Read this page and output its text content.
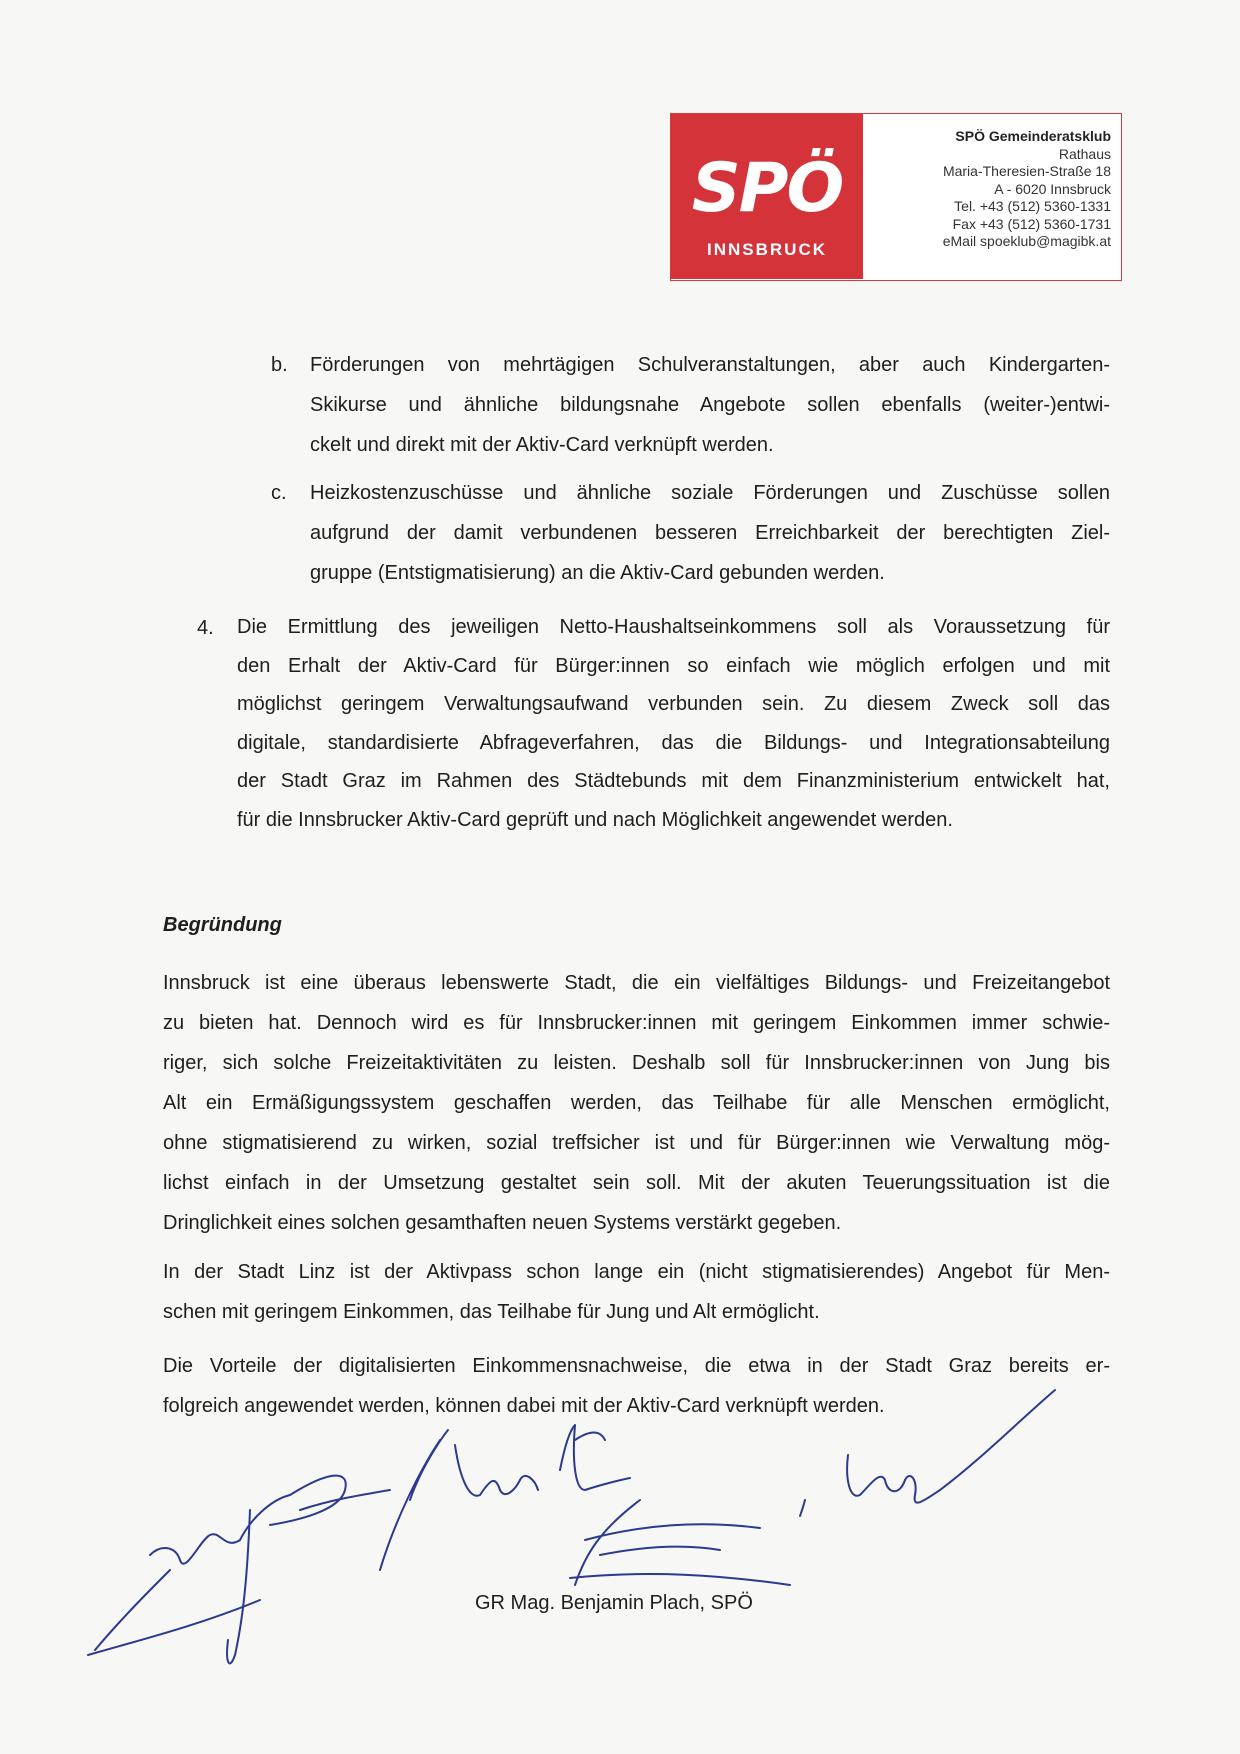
SPÖ
INNSBRUCK
SPÖ Gemeinderatsklub
Rathaus
Maria-Theresien-Straße 18
A - 6020 Innsbruck
Tel. +43 (512) 5360-1331
Fax +43 (512) 5360-1731
eMail spoeklub@magibk.at
b. Förderungen von mehrtägigen Schulveranstaltungen, aber auch Kindergarten-
Skikurse und ähnliche bildungsnahe Angebote sollen ebenfalls (weiter-)entwi-
ckelt und direkt mit der Aktiv-Card verknüpft werden.
c. Heizkostenzuschüsse und ähnliche soziale Förderungen und Zuschüsse sollen
aufgrund der damit verbundenen besseren Erreichbarkeit der berechtigten Ziel-
gruppe (Entstigmatisierung) an die Aktiv-Card gebunden werden.
4. Die Ermittlung des jeweiligen Netto-Haushaltseinkommens soll als Voraussetzung für
den Erhalt der Aktiv-Card für Bürger:innen so einfach wie möglich erfolgen und mit
möglichst geringem Verwaltungsaufwand verbunden sein. Zu diesem Zweck soll das
digitale, standardisierte Abfrageverfahren, das die Bildungs- und Integrationsabteilung
der Stadt Graz im Rahmen des Städtebunds mit dem Finanzministerium entwickelt hat,
für die Innsbrucker Aktiv-Card geprüft und nach Möglichkeit angewendet werden.
Begründung
Innsbruck ist eine überaus lebenswerte Stadt, die ein vielfältiges Bildungs- und Freizeitangebot
zu bieten hat. Dennoch wird es für Innsbrucker:innen mit geringem Einkommen immer schwie-
riger, sich solche Freizeitaktivitäten zu leisten. Deshalb soll für Innsbrucker:innen von Jung bis
Alt ein Ermäßigungssystem geschaffen werden, das Teilhabe für alle Menschen ermöglicht,
ohne stigmatisierend zu wirken, sozial treffsicher ist und für Bürger:innen wie Verwaltung mög-
lichst einfach in der Umsetzung gestaltet sein soll. Mit der akuten Teuerungssituation ist die
Dringlichkeit eines solchen gesamthaften neuen Systems verstärkt gegeben.
In der Stadt Linz ist der Aktivpass schon lange ein (nicht stigmatisierendes) Angebot für Men-
schen mit geringem Einkommen, das Teilhabe für Jung und Alt ermöglicht.
Die Vorteile der digitalisierten Einkommensnachweise, die etwa in der Stadt Graz bereits er-
folgreich angewendet werden, können dabei mit der Aktiv-Card verknüpft werden.
GR Mag. Benjamin Plach, SPÖ
